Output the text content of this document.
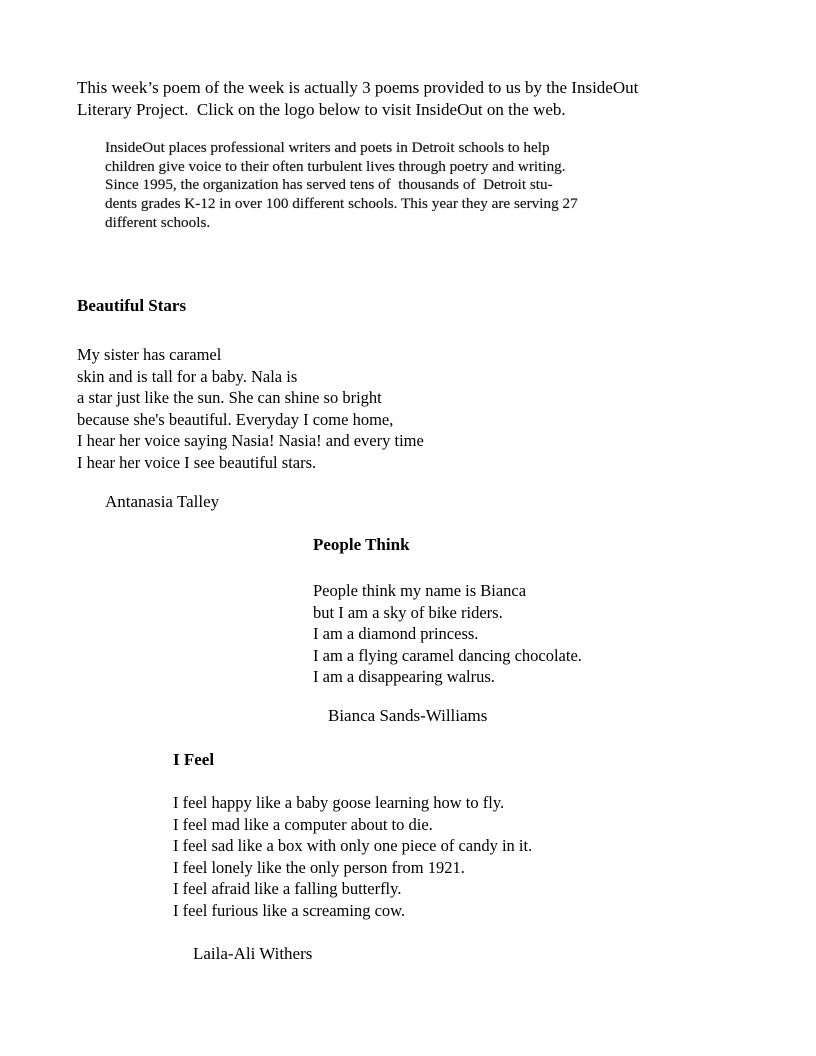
This week’s poem of the week is actually 3 poems provided to us by the InsideOut
Literary Project.  Click on the logo below to visit InsideOut on the web.
InsideOut places professional writers and poets in Detroit schools to help
children give voice to their often turbulent lives through poetry and writing.
Since 1995, the organization has served tens of  thousands of  Detroit stu-
dents grades K-12 in over 100 different schools. This year they are serving 27
different schools.
Beautiful Stars
My sister has caramel
skin and is tall for a baby. Nala is
a star just like the sun. She can shine so bright
because she's beautiful. Everyday I come home,
I hear her voice saying Nasia! Nasia! and every time
I hear her voice I see beautiful stars.
Antanasia Talley
People Think
People think my name is Bianca
but I am a sky of bike riders.
I am a diamond princess.
I am a flying caramel dancing chocolate.
I am a disappearing walrus.
Bianca Sands-Williams
I Feel
I feel happy like a baby goose learning how to fly.
I feel mad like a computer about to die.
I feel sad like a box with only one piece of candy in it.
I feel lonely like the only person from 1921.
I feel afraid like a falling butterfly.
I feel furious like a screaming cow.
Laila-Ali Withers
